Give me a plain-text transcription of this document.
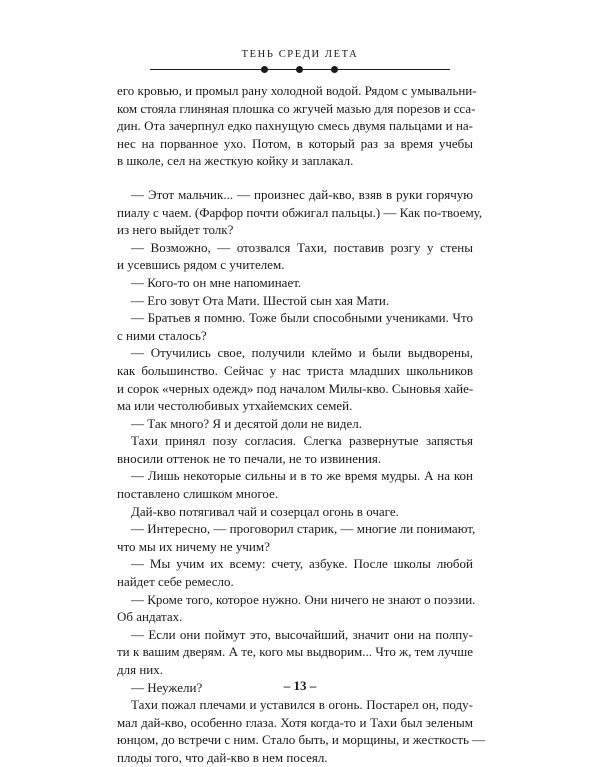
ТЕНЬ СРЕДИ ЛЕТА
его кровью, и промыл рану холодной водой. Рядом с умывальни-
ком стояла глиняная плошка со жгучей мазью для порезов и сса-
дин. Ота зачерпнул едко пахнущую смесь двумя пальцами и на-
нес на порванное ухо. Потом, в который раз за время учебы
в школе, сел на жесткую койку и заплакал.
— Этот мальчик... — произнес дай-кво, взяв в руки горячую
пиалу с чаем. (Фарфор почти обжигал пальцы.) — Как по-твоему,
из него выйдет толк?
— Возможно, — отозвался Тахи, поставив розгу у стены
и усевшись рядом с учителем.
— Кого-то он мне напоминает.
— Его зовут Ота Мати. Шестой сын хая Мати.
— Братьев я помню. Тоже были способными учениками. Что
с ними сталось?
— Отучились свое, получили клеймо и были выдворены,
как большинство. Сейчас у нас триста младших школьников
и сорок «черных одежд» под началом Милы-кво. Сыновья хайе-
ма или честолюбивых утхайемских семей.
— Так много? Я и десятой доли не видел.
Тахи принял позу согласия. Слегка развернутые запястья
вносили оттенок не то печали, не то извинения.
— Лишь некоторые сильны и в то же время мудры. А на кон
поставлено слишком многое.
Дай-кво потягивал чай и созерцал огонь в очаге.
— Интересно, — проговорил старик, — многие ли понимают,
что мы их ничему не учим?
— Мы учим их всему: счету, азбуке. После школы любой
найдет себе ремесло.
— Кроме того, которое нужно. Они ничего не знают о поэзии.
Об андатах.
— Если они поймут это, высочайший, значит они на полпу-
ти к вашим дверям. А те, кого мы выдворим... Что ж, тем лучше
для них.
— Неужели?
Тахи пожал плечами и уставился в огонь. Постарел он, поду-
мал дай-кво, особенно глаза. Хотя когда-то и Тахи был зеленым
юнцом, до встречи с ним. Стало быть, и морщины, и жесткость —
плоды того, что дай-кво в нем посеял.
– 13 –
